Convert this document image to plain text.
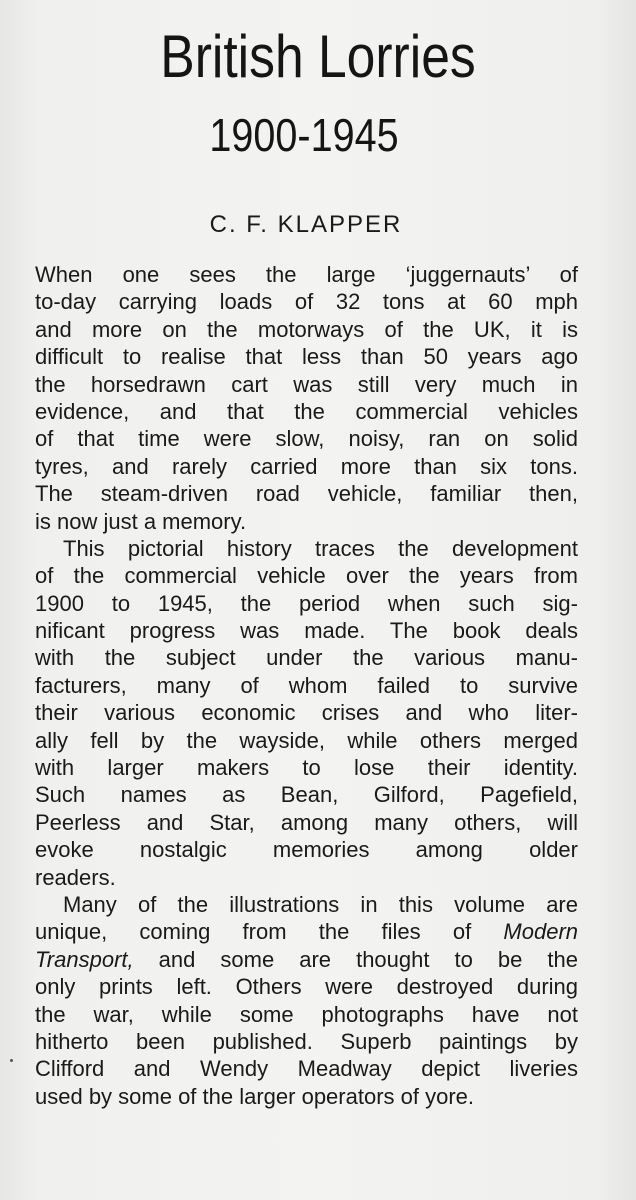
British Lorries
1900-1945
C. F. KLAPPER
When one sees the large ‘juggernauts’ of
to-day carrying loads of 32 tons at 60 mph
and more on the motorways of the UK, it is
difficult to realise that less than 50 years ago
the horsedrawn cart was still very much in
evidence, and that the commercial vehicles
of that time were slow, noisy, ran on solid
tyres, and rarely carried more than six tons.
The steam-driven road vehicle, familiar then,
is now just a memory.
This pictorial history traces the development
of the commercial vehicle over the years from
1900 to 1945, the period when such sig-
nificant progress was made. The book deals
with the subject under the various manu-
facturers, many of whom failed to survive
their various economic crises and who liter-
ally fell by the wayside, while others merged
with larger makers to lose their identity.
Such names as Bean, Gilford, Pagefield,
Peerless and Star, among many others, will
evoke nostalgic memories among older
readers.
Many of the illustrations in this volume are
unique, coming from the files of Modern
Transport, and some are thought to be the
only prints left. Others were destroyed during
the war, while some photographs have not
hitherto been published. Superb paintings by
Clifford and Wendy Meadway depict liveries
used by some of the larger operators of yore.
